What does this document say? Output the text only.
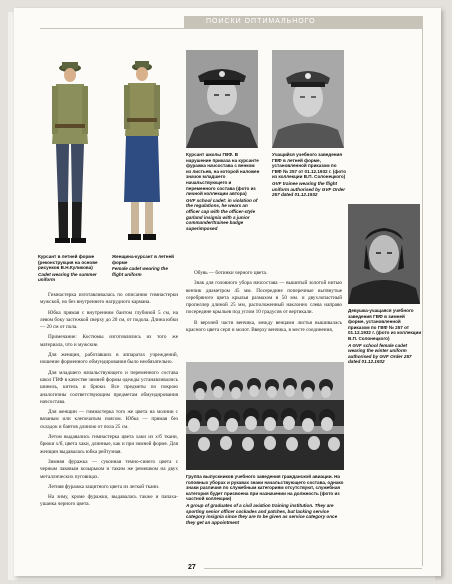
ПОИСКИ ОПТИМАЛЬНОГО
Курсант в летней форме (реконструкция на основе рисунков В.Н.Куликова)
Cadet wearing the summer uniform
Женщина-курсант в летней форме
Female cadet wearing the flight uniform
Курсант школы ГВФ. В нарушение приказа на курсанте фуражка начсостава с венком из листьев, на которой наложен значок младшего начальствующего и переменного состава (фото из личной коллекции автора)
GVF school cadet: in violation of the regulations, he wears an officer cap with the officer-style garland insignia with a junior commander/trainee badge superimposed
Учащийся учебного заведения ГВФ в летней форме, установленной приказом по ГВФ № 257 от 01.12.1932 г. (фото из коллекции В.П. Солонецкого)
GVF trainee wearing the flight uniform authorised by GVF Order 257 dated 01.12.1932
Девушка-учащаяся учебного заведения ГВФ в зимней форме, установленной приказом по ГВФ № 257 от 01.12.1932 г. (фото из коллекции В.П. Солонецкого)
A GVF school female cadet wearing the winter uniform authorised by GVF Order 257 dated 01.12.1932

Гимнастерка изготавливалась по описанию гимнастерки мужской, но без внутреннего нагрудного кармана.

Юбка прямая с внутренним бантом глубиной 5 см, на левом боку застежкой сверху до 20 см, от подола. Длина юбки — 20 см от пола.

Примечание: Костюмы изготовлялись из того же материала, что и мужские.

Для женщин, работавших в аппаратах учреждений, ношение форменного обмундирования было необязательно.

Для младшего начальствующего и переменного состава школ ГВФ в качестве зимней формы одежды устанавливались шинель, китель и брюки. Все предметы по покрою аналогичны соответствующим предметам обмундирования начсостава.

Для женщин — гимнастерка того же цвета на молнии с вязаным или клепочатым поясом. Юбка — прямая без складок и бантов длиною от пола 25 см.

Летом выдавались гимнастерка цвета хаки из х/б ткани, брюки х/б, цвета хаки, длинные, как и при зимней форме. Для женщин выдавалась юбка рейтузная.

Зимняя фуражка — суконная темно-синего цвета с черным лаковым козырьком и таким же ремешком на двух металлических пуговицах.

Летняя фуражка защитного цвета из легкой ткани.

На зиму, кроме фуражки, выдавалась также и папаха-ушанка черного цвета.

Обувь — ботинки черного цвета.

Знак для головного убора начсостава — вышитый золотой нитью венчик диаметром 45 мм. Посередине поперечные вытянутые серебряного цвета крылья размахом в 50 мм. и двухлопастный пропеллер длиной 25 мм, расположенный наклонно слева направо посередине крыльев под углом 10 градусов от вертикали.

В верхней части венчика, между венцами листья вышивалась красного цвета серп и молот. Вверху венчика, в месте соединения,

Группа выпускников учебного заведения гражданской авиации. На головных уборах и рукавах знаки начальствующего состава, однако знаки различия по служебным категориям отсутствуют, служебная категория будет присвоена при назначении на должность (фото из частной коллекции)
A group of graduates of a civil aviation training institution. They are sporting senior officer cockades and patches, but lacking service category insignia since they are to be given as service category once they get an appointment
27
